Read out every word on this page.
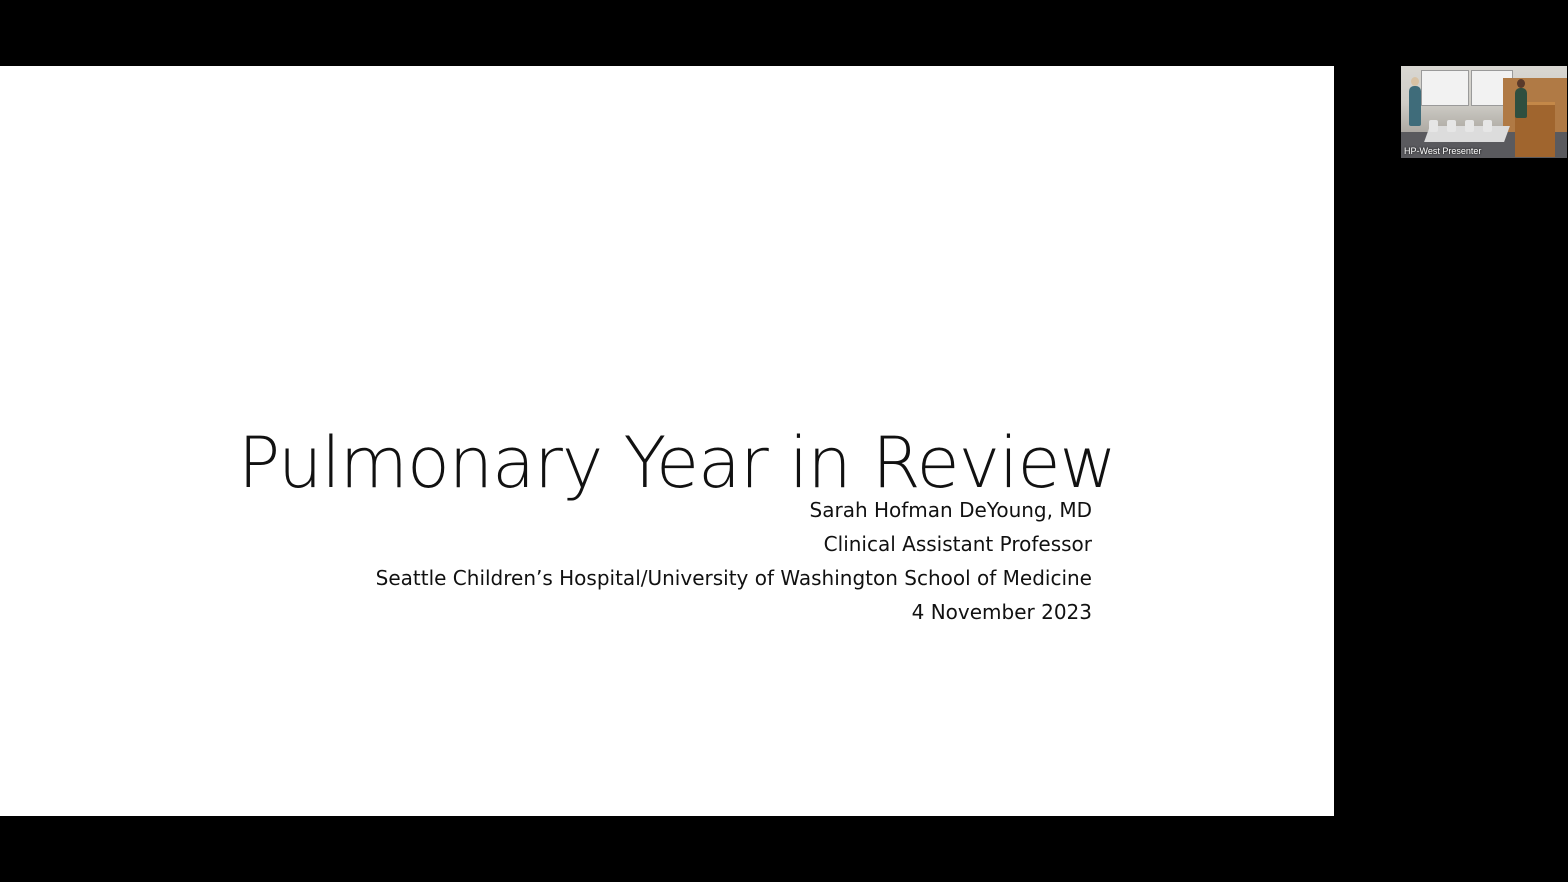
Pulmonary Year in Review
Sarah Hofman DeYoung, MD
Clinical Assistant Professor
Seattle Children’s Hospital/University of Washington School of Medicine
4 November 2023
HP-West Presenter
